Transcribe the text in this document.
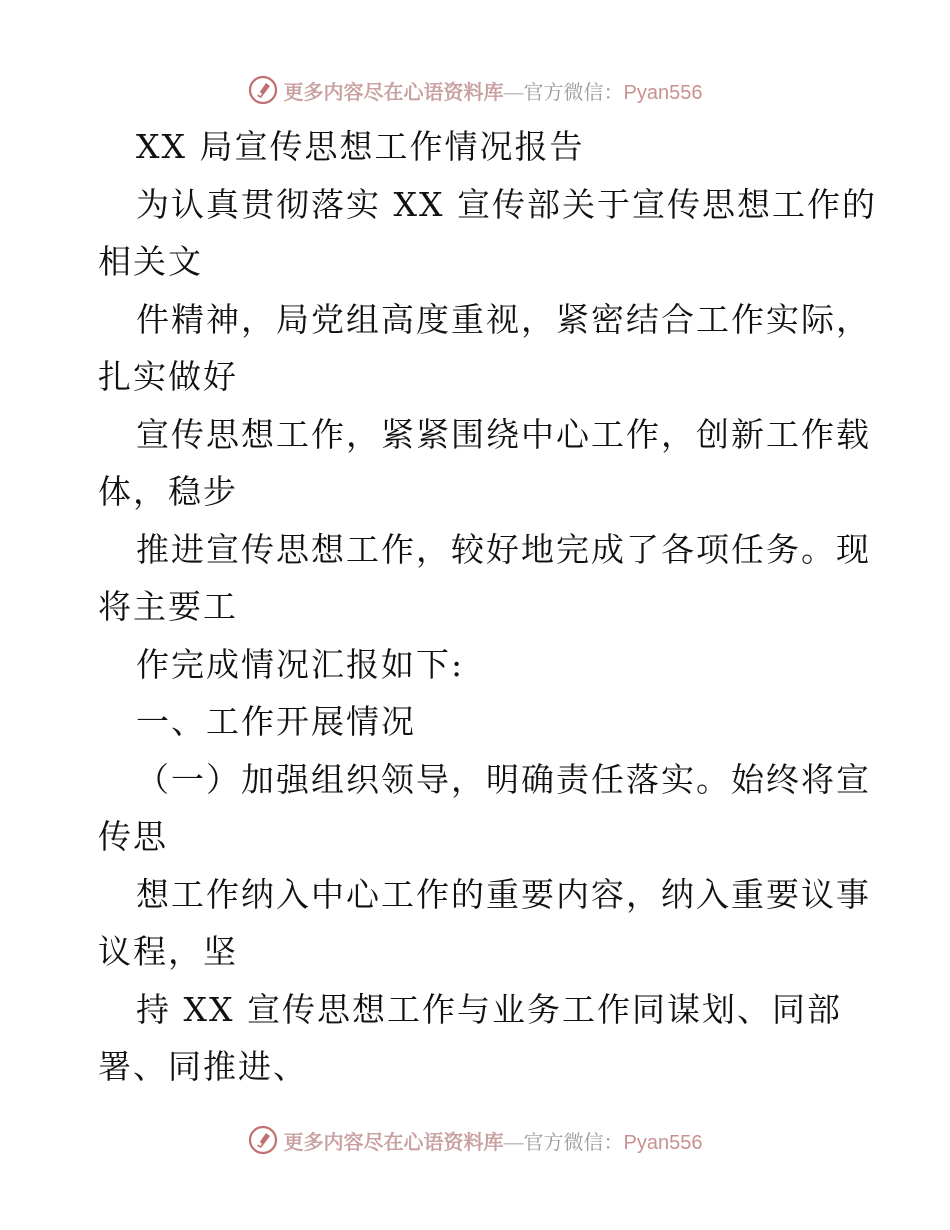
更多内容尽在心语资料库—官方微信：Pyan556
XX 局宣传思想工作情况报告
为认真贯彻落实 XX 宣传部关于宣传思想工作的
相关文
件精神，局党组高度重视，紧密结合工作实际，
扎实做好
宣传思想工作，紧紧围绕中心工作，创新工作载
体，稳步
推进宣传思想工作，较好地完成了各项任务。现
将主要工
作完成情况汇报如下:
一、工作开展情况
（一）加强组织领导，明确责任落实。始终将宣
传思
想工作纳入中心工作的重要内容，纳入重要议事
议程，坚
持 XX 宣传思想工作与业务工作同谋划、同部
署、同推进、
更多内容尽在心语资料库—官方微信：Pyan556
